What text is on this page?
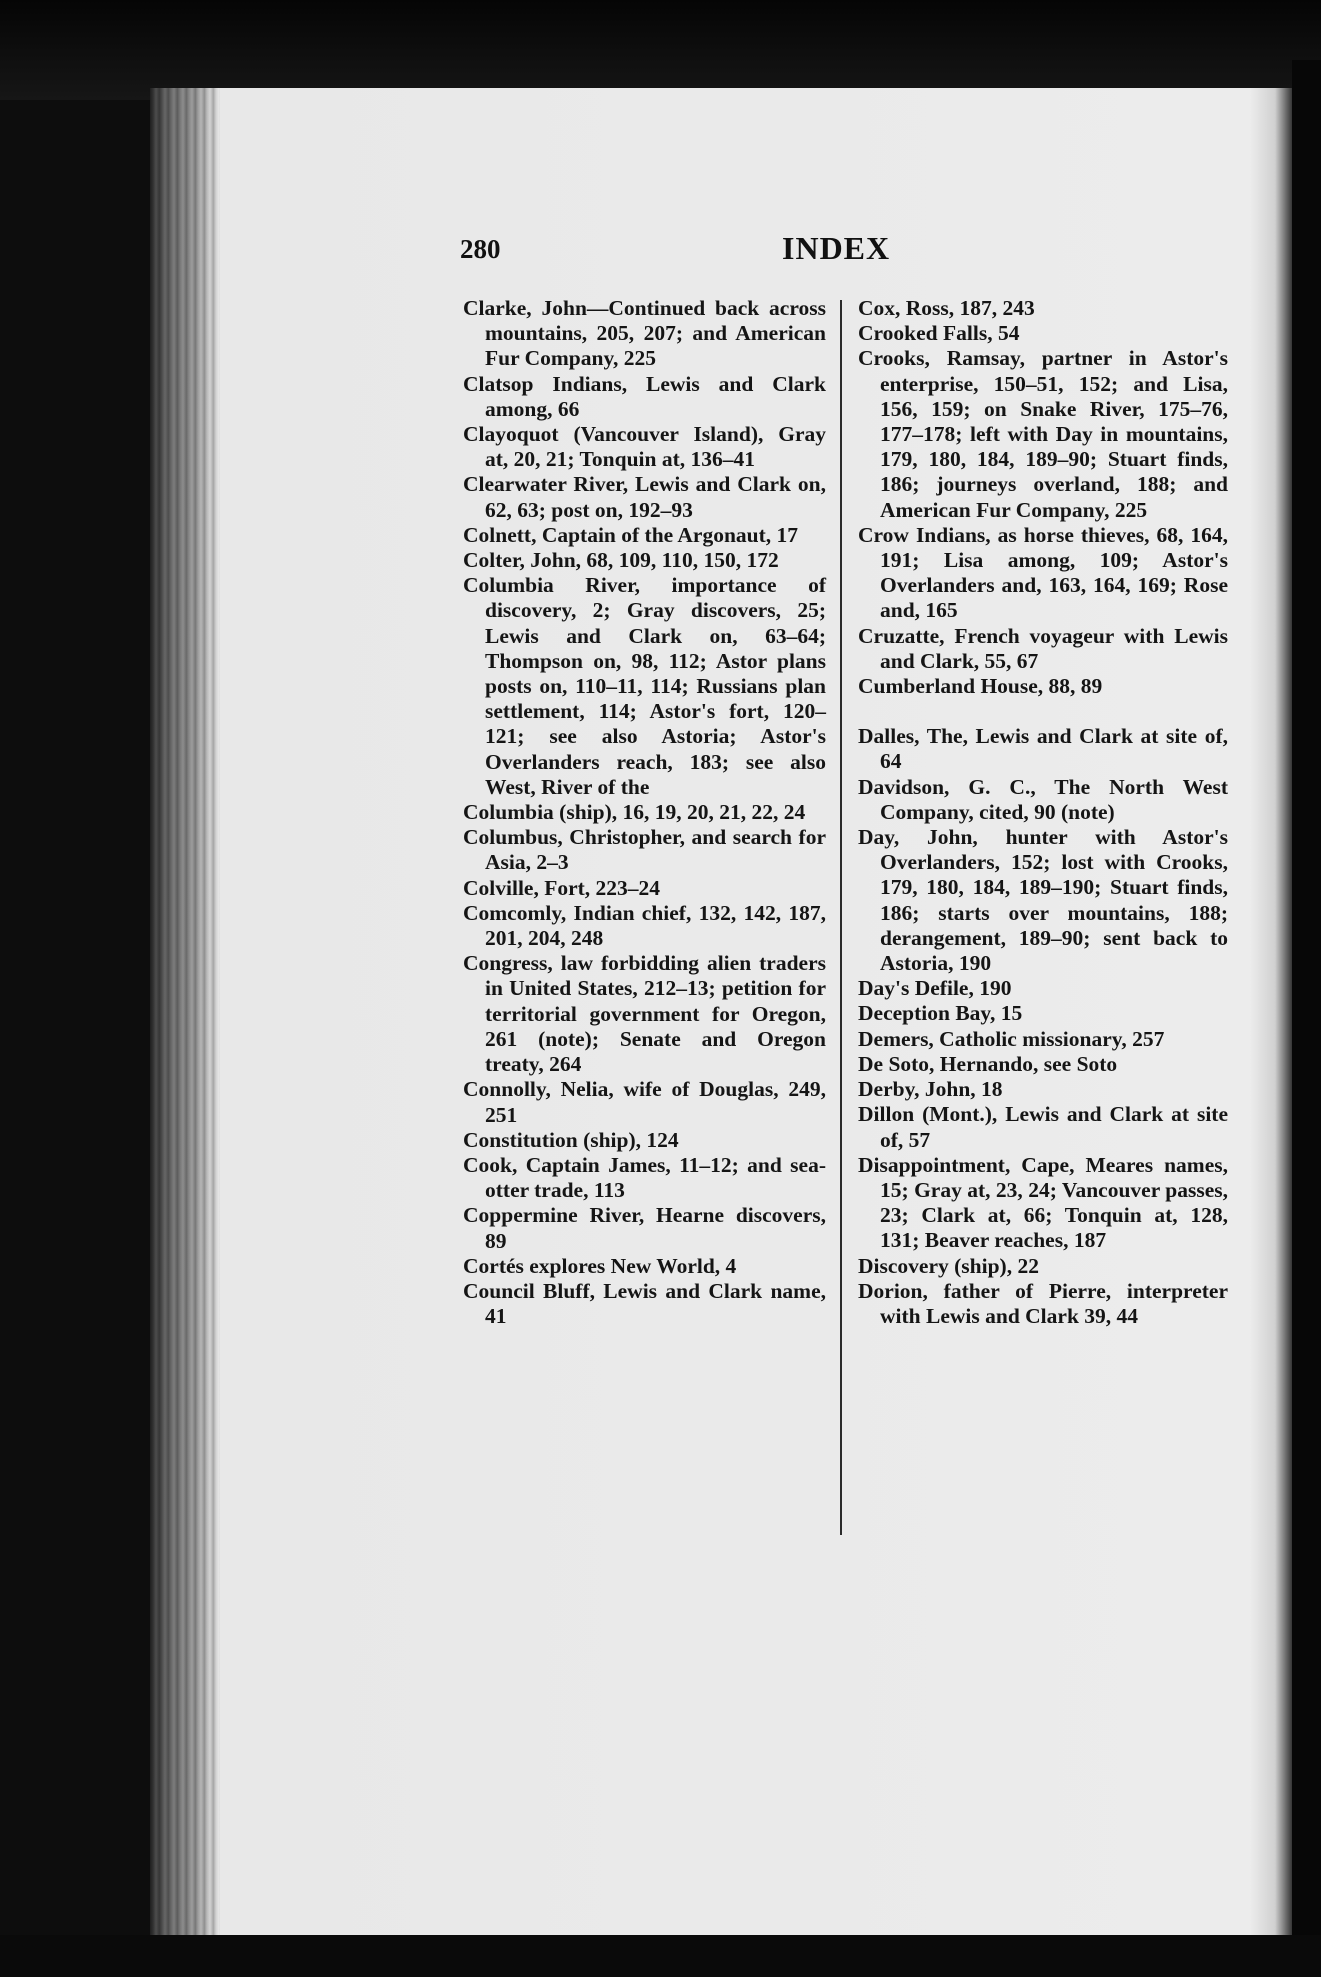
280	INDEX

Clarke, John—Continued back across mountains, 205, 207; and American Fur Company, 225

Clatsop Indians, Lewis and Clark among, 66

Clayoquot (Vancouver Island), Gray at, 20, 21; Tonquin at, 136–41

Clearwater River, Lewis and Clark on, 62, 63; post on, 192–93

Colnett, Captain of the Argonaut, 17

Colter, John, 68, 109, 110, 150, 172

Columbia River, importance of discovery, 2; Gray discovers, 25; Lewis and Clark on, 63–64; Thompson on, 98, 112; Astor plans posts on, 110–11, 114; Russians plan settlement, 114; Astor's fort, 120–121; see also Astoria; Astor's Overlanders reach, 183; see also West, River of the

Columbia (ship), 16, 19, 20, 21, 22, 24

Columbus, Christopher, and search for Asia, 2–3

Colville, Fort, 223–24

Comcomly, Indian chief, 132, 142, 187, 201, 204, 248

Congress, law forbidding alien traders in United States, 212–13; petition for territorial government for Oregon, 261 (note); Senate and Oregon treaty, 264

Connolly, Nelia, wife of Douglas, 249, 251

Constitution (ship), 124

Cook, Captain James, 11–12; and sea-otter trade, 113

Coppermine River, Hearne discovers, 89

Cortés explores New World, 4

Council Bluff, Lewis and Clark name, 41

Cox, Ross, 187, 243

Crooked Falls, 54

Crooks, Ramsay, partner in Astor's enterprise, 150–51, 152; and Lisa, 156, 159; on Snake River, 175–76, 177–178; left with Day in mountains, 179, 180, 184, 189–90; Stuart finds, 186; journeys overland, 188; and American Fur Company, 225

Crow Indians, as horse thieves, 68, 164, 191; Lisa among, 109; Astor's Overlanders and, 163, 164, 169; Rose and, 165

Cruzatte, French voyageur with Lewis and Clark, 55, 67

Cumberland House, 88, 89

Dalles, The, Lewis and Clark at site of, 64

Davidson, G. C., The North West Company, cited, 90 (note)

Day, John, hunter with Astor's Overlanders, 152; lost with Crooks, 179, 180, 184, 189–190; Stuart finds, 186; starts over mountains, 188; derangement, 189–90; sent back to Astoria, 190

Day's Defile, 190

Deception Bay, 15

Demers, Catholic missionary, 257

De Soto, Hernando, see Soto

Derby, John, 18

Dillon (Mont.), Lewis and Clark at site of, 57

Disappointment, Cape, Meares names, 15; Gray at, 23, 24; Vancouver passes, 23; Clark at, 66; Tonquin at, 128, 131; Beaver reaches, 187

Discovery (ship), 22

Dorion, father of Pierre, interpreter with Lewis and Clark 39, 44
